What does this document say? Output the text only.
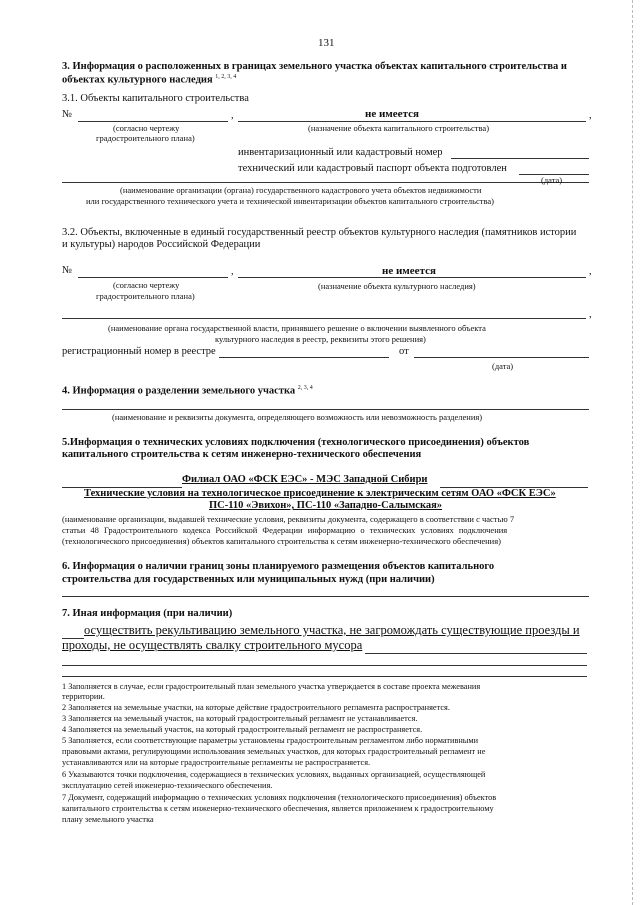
131
3. Информация о расположенных в границах земельного участка объектах капитального строительства и
объектах культурного наследия $^{1, 2, 3, 4}$
3.1. Объекты капитального строительства
№	,	не имеется	,
(согласно чертежу
градостроительного плана)
(назначение объекта капитального строительства)
инвентаризационный или кадастровый номер
технический или кадастровый паспорт объекта подготовлен
(дата)
(наименование организации (органа) государственного кадастрового учета объектов недвижимости
или государственного технического учета и технической инвентаризации объектов капитального строительства)
3.2. Объекты, включенные в единый государственный реестр объектов культурного наследия (памятников истории
и культуры) народов Российской Федерации
№	,	не имеется	,
(согласно чертежу
градостроительного плана)
(назначение объекта культурного наследия)
,
(наименование органа государственной власти, принявшего решение о включении выявленного объекта
культурного наследия в реестр, реквизиты этого решения)
регистрационный номер в реестре	от
(дата)
4. Информация о разделении земельного участка $^{2, 3, 4}$
(наименование и реквизиты документа, определяющего возможность или невозможность разделения)
5.Информация о технических условиях подключения (технологического присоединения) объектов
капитального строительства к сетям инженерно-технического обеспечения
Филиал ОАО «ФСК ЕЭС» - МЭС Западной Сибири
Технические условия на технологическое присоединение к электрическим сетям ОАО «ФСК ЕЭС»
ПС-110 «Эвихон», ПС-110 «Западно-Салымская»
(наименование организации, выдавшей технические условия, реквизиты документа, содержащего в соответствии с частью 7
статьи 48 Градостроительного кодекса Российской Федерации информацию о технических условиях подключения
(технологического присоединения) объектов капитального строительства к сетям инженерно-технического обеспечения)
6. Информация о наличии границ зоны планируемого размещения объектов капитального
строительства для государственных или муниципальных нужд (при наличии)
7. Иная информация (при наличии)
осуществить рекультивацию земельного участка, не загромождать существующие проезды и
проходы, не осуществлять свалку строительного мусора
1 Заполняется в случае, если градостроительный план земельного участка утверждается в составе проекта межевания
территории.
2 Заполняется на земельные участки, на которые действие градостроительного регламента распространяется.
3 Заполняется на земельный участок, на который градостроительный регламент не устанавливается.
4 Заполняется на земельный участок, на который градостроительный регламент не распространяется.
5 Заполняется, если соответствующие параметры установлены градостроительным регламентом либо нормативными
правовыми актами, регулирующими использования земельных участков, для которых градостроительный регламент не
устанавливаются или на которые градостроительные регламенты не распространяется.
6 Указываются точки подключения, содержащиеся в технических условиях, выданных организацией, осуществляющей
эксплуатацию сетей инженерно-технического обеспечения.
7 Документ, содержащий информацию о технических условиях подключения (технологического присоединения) объектов
капитального строительства к сетям инженерно-технического обеспечения, является приложением к градостроительному
плану земельного участка
